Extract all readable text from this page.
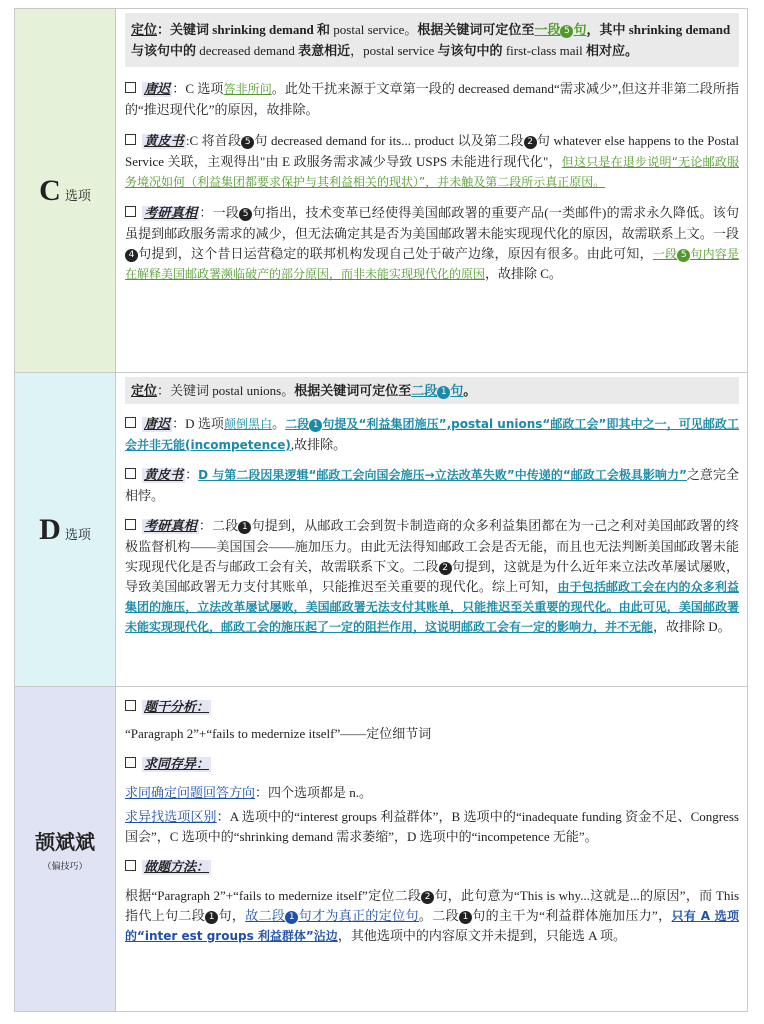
C 选项
定位：关键词 shrinking demand 和 postal service。根据关键词可定位至一段 5 句，其中 shrinking demand 与该句中的 decreased demand 表意相近，postal service 与该句中的 first-class mail 相对应。
唐迟 ：C 选项答非所问。此处干扰来源于文章第一段的 decreased demand“需求减少”,但这并非第二段所指的“推迟现代化”的原因，故排除。
黄皮书 :C 将首段 5 句 decreased demand for its... product 以及第二段 2 句 whatever else happens to the Postal Service 关联，主观得出"由 E 政服务需求减少导致 USPS 未能进行现代化"，但这只是在退步说明“无论邮政服务境况如何（利益集团都要求保护与其利益相关的现状）”，并未触及第二段所示真正原因。
考研真相 ：一段 5 句指出，技术变革已经使得美国邮政署的重要产品(一类邮件)的需求永久降低。该句虽提到邮政服务需求的减少，但无法确定其是否为美国邮政署未能实现现代化的原因，故需联系上文。一段4 句提到，这个昔日运营稳定的联邦机构发现自己处于破产边缘，原因有很多。由此可知，一段 5 句内容是在解释美国邮政署濒临破产的部分原因，而非未能实现现代化的原因，故排除 C。
D 选项
定位：关键词 postal unions。根据关键词可定位至二段 1 句。
唐迟 ：D 选项颠倒黑白。二段 1 句提及“利益集团施压”,postal unions“邮政工会”即其中之一，可见邮政工会并非无能(incompetence),故排除。
黄皮书 ：D 与第二段因果逻辑“邮政工会向国会施压→立法改革失败”中传递的“邮政工会极具影响力”之意完全相悖。
考研真相 ：二段 1 句提到，从邮政工会到贺卡制造商的众多利益集团都在为一己之利对美国邮政署的终极监督机构——美国国会——施加压力。由此无法得知邮政工会是否无能，而且也无法判断美国邮政署未能实现现代化是否与邮政工会有关，故需联系下文。二段 2 句提到，这就是为什么近年来立法改革屡试屡败，导致美国邮政署无力支付其账单，只能推迟至关重要的现代化。综上可知，由于包括邮政工会在内的众多利益集团的施压，立法改革屡试屡败，美国邮政署无法支付其账单，只能推迟至关重要的现代化。由此可见，美国邮政署未能实现现代化，邮政工会的施压起了一定的阻拦作用，这说明邮政工会有一定的影响力，并不无能，故排除 D。
颉斌斌
（偏技巧）
题干分析：
“Paragraph 2”+“fails to medernize itself”——定位细节词
求同存异：
求同确定问题回答方向：四个选项都是 n.。
求异找选项区别：A 选项中的“interest groups 利益群体”，B 选项中的“inadequate funding 资金不足、Congress 国会”，C 选项中的“shrinking demand 需求萎缩”，D 选项中的“incompetence 无能”。
做题方法：
根据“Paragraph 2”+“fails to medernize itself”定位二段 2 句，此句意为“This is why...这就是...的原因”，而 This 指代上句二段 1 句，故二段 1 句才为真正的定位句。二段 1 句的主干为“利益群体施加压力”，只有 A 选项的“inter est groups 利益群体”沾边，其他选项中的内容原文并未提到，只能选 A 项。
